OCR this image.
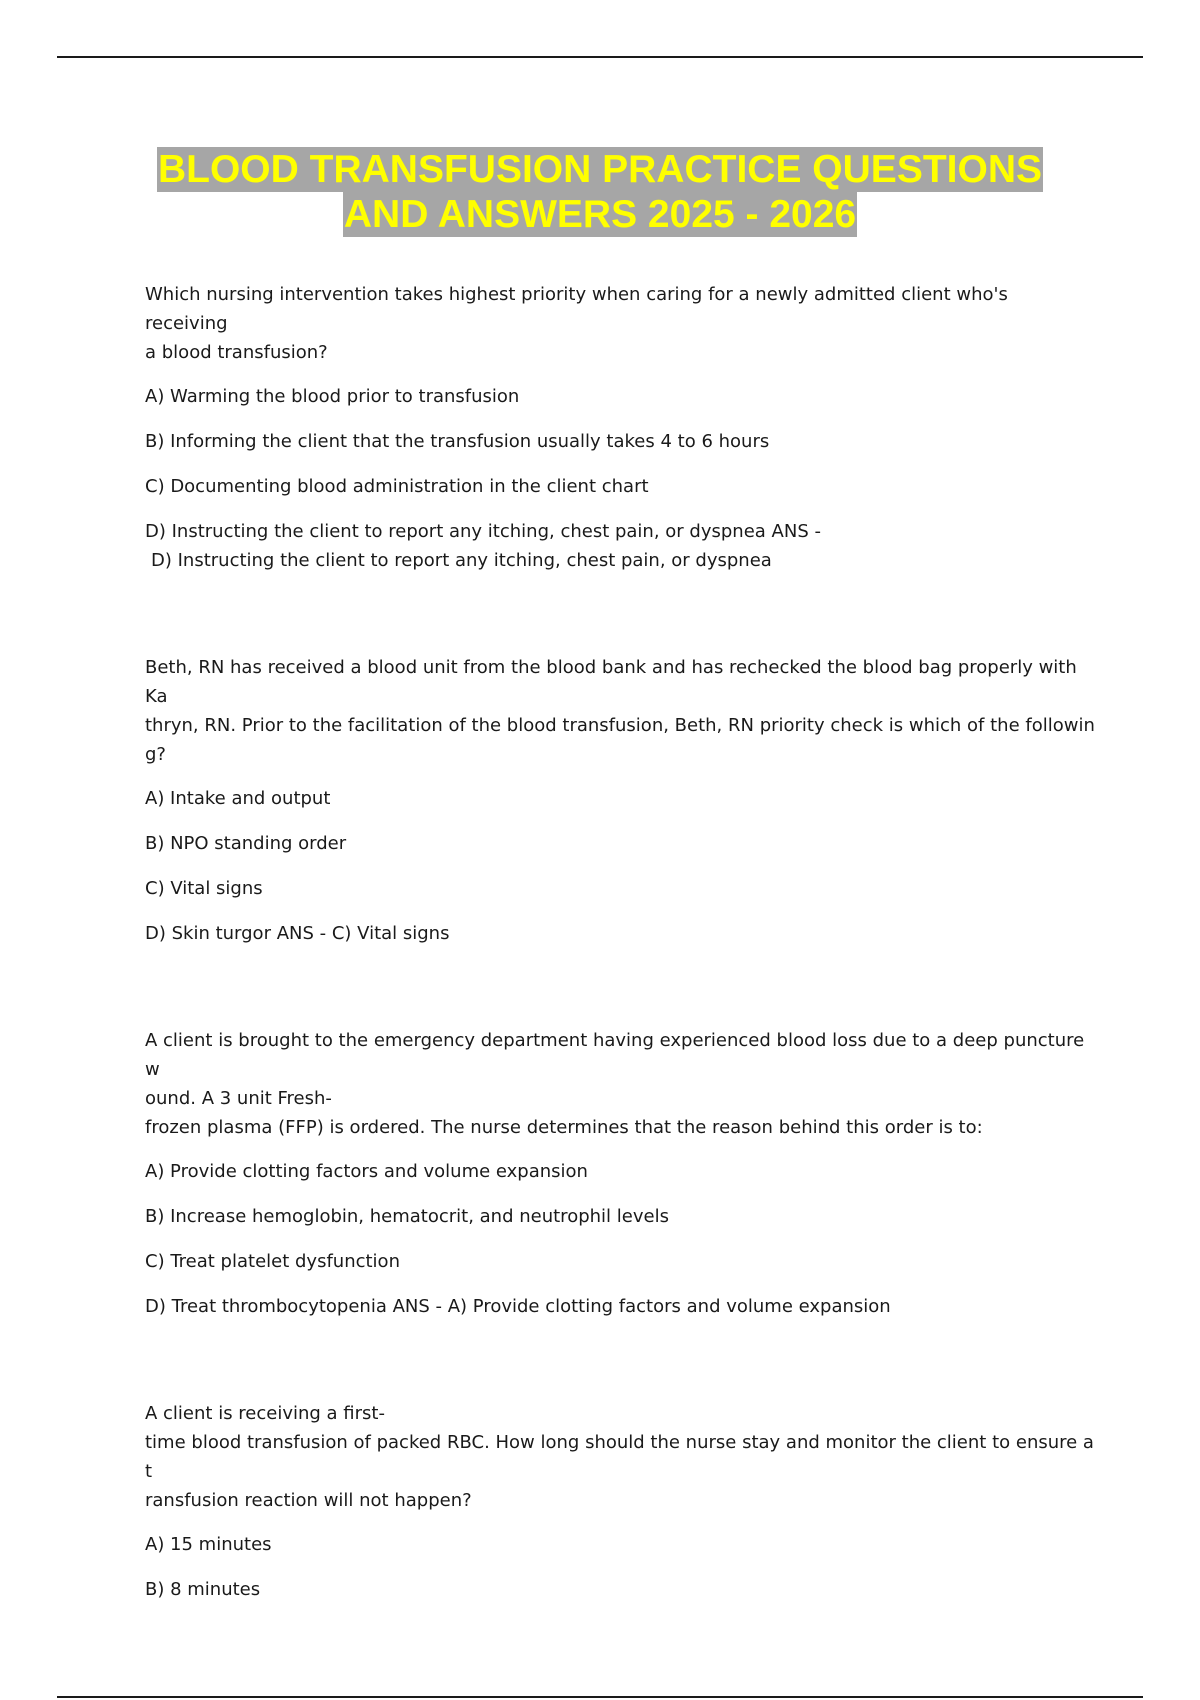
BLOOD TRANSFUSION PRACTICE QUESTIONS
AND ANSWERS 2025 - 2026
Which nursing intervention takes highest priority when caring for a newly admitted client who's receiving
a blood transfusion?
A) Warming the blood prior to transfusion
B) Informing the client that the transfusion usually takes 4 to 6 hours
C) Documenting blood administration in the client chart
D) Instructing the client to report any itching, chest pain, or dyspnea ANS -
D) Instructing the client to report any itching, chest pain, or dyspnea
Beth, RN has received a blood unit from the blood bank and has rechecked the blood bag properly with Ka
thryn, RN. Prior to the facilitation of the blood transfusion, Beth, RN priority check is which of the followin
g?
A) Intake and output
B) NPO standing order
C) Vital signs
D) Skin turgor ANS - C) Vital signs
A client is brought to the emergency department having experienced blood loss due to a deep puncture w
ound. A 3 unit Fresh-
frozen plasma (FFP) is ordered. The nurse determines that the reason behind this order is to:
A) Provide clotting factors and volume expansion
B) Increase hemoglobin, hematocrit, and neutrophil levels
C) Treat platelet dysfunction
D) Treat thrombocytopenia ANS - A) Provide clotting factors and volume expansion
A client is receiving a first-
time blood transfusion of packed RBC. How long should the nurse stay and monitor the client to ensure a t
ransfusion reaction will not happen?
A) 15 minutes
B) 8 minutes
